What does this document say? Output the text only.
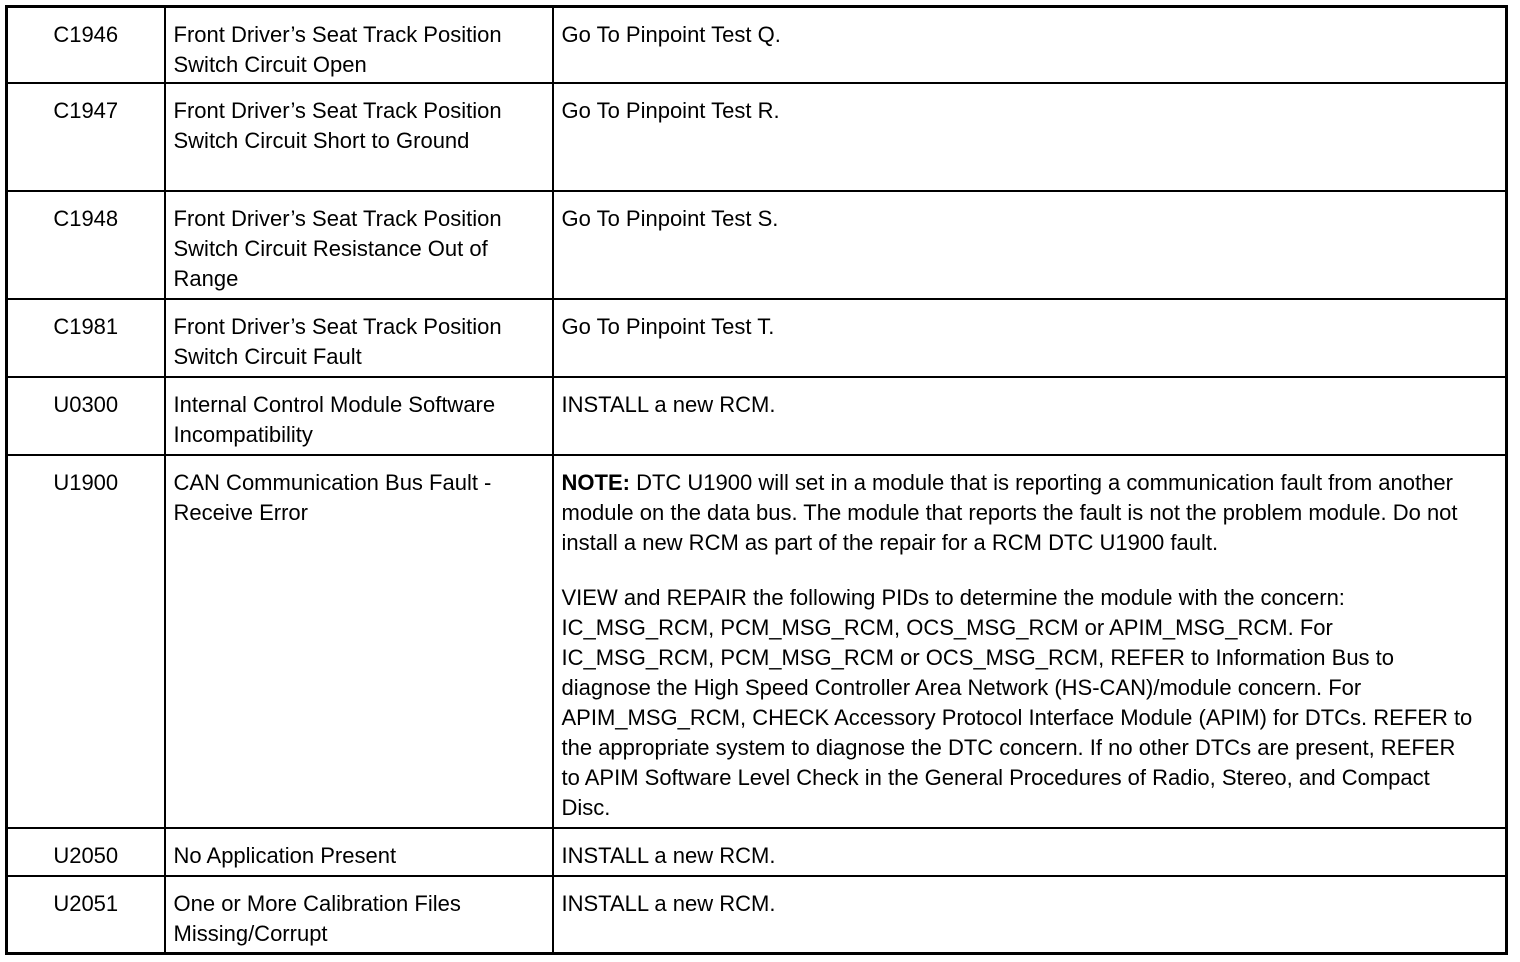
C1946	Front Driver’s Seat Track Position Switch Circuit Open	Go To Pinpoint Test Q.
C1947	Front Driver’s Seat Track Position Switch Circuit Short to Ground	Go To Pinpoint Test R.
C1948	Front Driver’s Seat Track Position Switch Circuit Resistance Out of Range	Go To Pinpoint Test S.
C1981	Front Driver’s Seat Track Position Switch Circuit Fault	Go To Pinpoint Test T.
U0300	Internal Control Module Software Incompatibility	INSTALL a new RCM.
U1900	CAN Communication Bus Fault - Receive Error	NOTE: DTC U1900 will set in a module that is reporting a communication fault from another module on the data bus. The module that reports the fault is not the problem module. Do not install a new RCM as part of the repair for a RCM DTC U1900 fault.

VIEW and REPAIR the following PIDs to determine the module with the concern: IC_MSG_RCM, PCM_MSG_RCM, OCS_MSG_RCM or APIM_MSG_RCM. For IC_MSG_RCM, PCM_MSG_RCM or OCS_MSG_RCM, REFER to Information Bus to diagnose the High Speed Controller Area Network (HS-CAN)/module concern. For APIM_MSG_RCM, CHECK Accessory Protocol Interface Module (APIM) for DTCs. REFER to the appropriate system to diagnose the DTC concern. If no other DTCs are present, REFER to APIM Software Level Check in the General Procedures of Radio, Stereo, and Compact Disc.

U2050	No Application Present	INSTALL a new RCM.
U2051	One or More Calibration Files Missing/Corrupt	INSTALL a new RCM.
